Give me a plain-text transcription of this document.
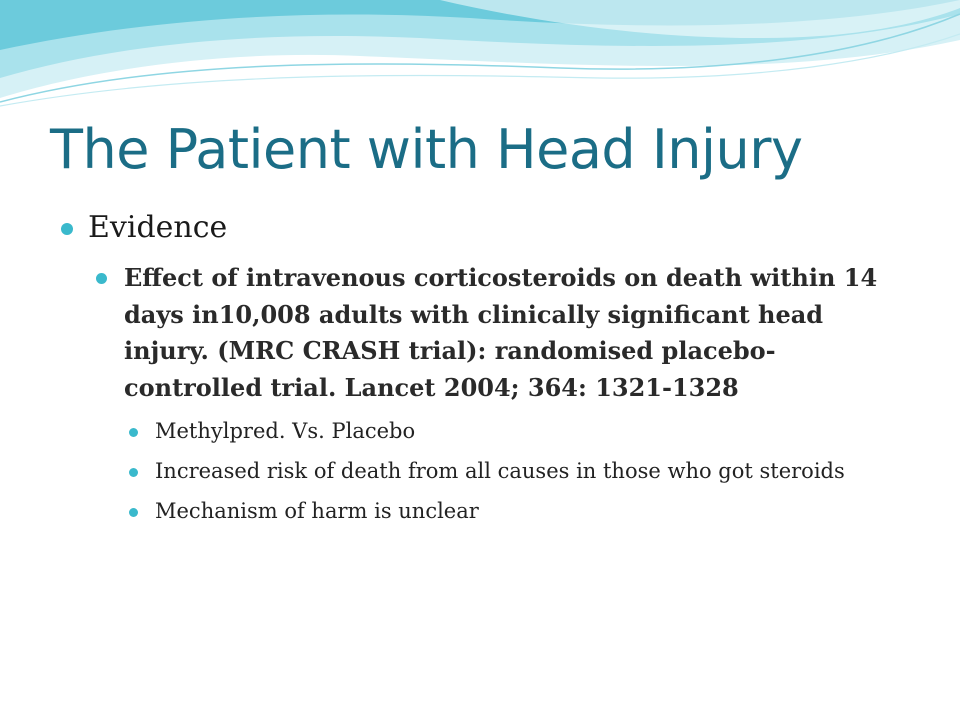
The Patient with Head Injury
Evidence
Effect of intravenous corticosteroids on death within 14 days in10,008 adults with clinically significant head injury. (MRC CRASH trial): randomised placebo-controlled trial. Lancet 2004; 364: 1321-1328
Methylpred. Vs. Placebo
Increased risk of death from all causes in those who got steroids
Mechanism of harm is unclear
